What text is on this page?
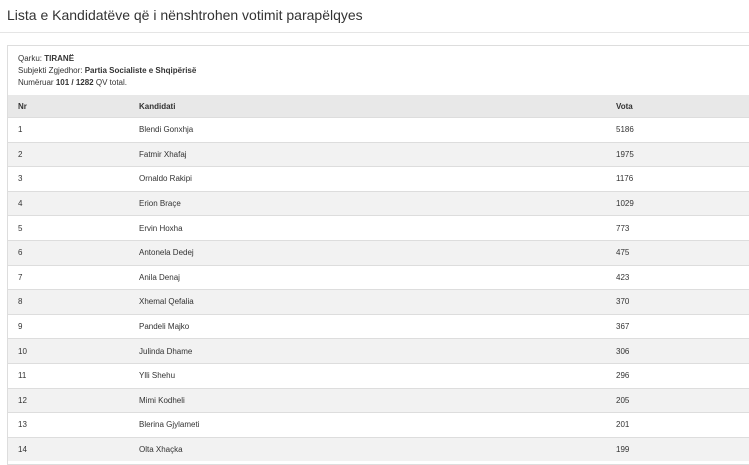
Lista e Kandidatëve që i nënshtrohen votimit parapëlqyes
Qarku: TIRANË
Subjekti Zgjedhor: Partia Socialiste e Shqipërisë
Numëruar 101 / 1282 QV total.
Nr	Kandidati	Vota
1	Blendi Gonxhja	5186
2	Fatmir Xhafaj	1975
3	Ornaldo Rakipi	1176
4	Erion Braçe	1029
5	Ervin Hoxha	773
6	Antonela Dedej	475
7	Anila Denaj	423
8	Xhemal Qefalia	370
9	Pandeli Majko	367
10	Julinda Dhame	306
11	Ylli Shehu	296
12	Mimi Kodheli	205
13	Blerina Gjylameti	201
14	Olta Xhaçka	199
